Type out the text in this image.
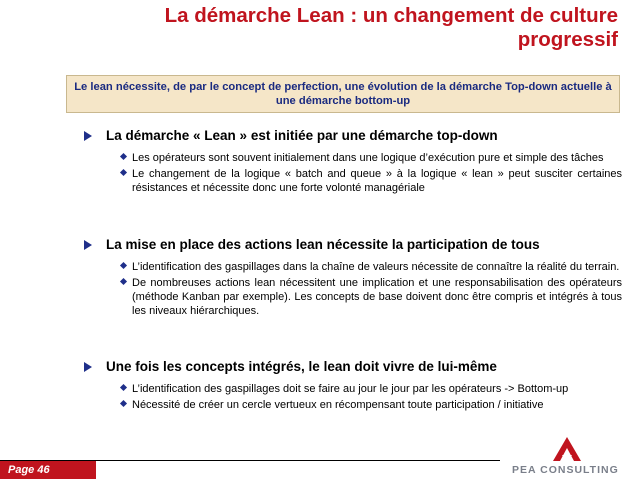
La démarche Lean : un changement de culture progressif
Le lean nécessite, de par le concept de perfection, une évolution de la démarche Top-down actuelle à une démarche bottom-up
La démarche « Lean » est initiée par une démarche top-down
Les opérateurs sont souvent initialement dans une logique d’exécution pure et simple des tâches
Le changement de la logique « batch and queue » à la logique « lean » peut susciter certaines résistances et nécessite donc une forte volonté managériale
La mise en place des actions lean nécessite la participation de tous
L’identification des gaspillages dans la chaîne de valeurs nécessite de connaître la réalité du terrain.
De nombreuses actions lean nécessitent une implication et une responsabilisation des opérateurs (méthode Kanban par exemple). Les concepts de base doivent donc être compris et intégrés à tous les niveaux hiérarchiques.
Une fois les concepts intégrés, le lean doit vivre de lui-même
L’identification des gaspillages doit se faire au jour le jour par les opérateurs -> Bottom-up
Nécessité de créer un cercle vertueux en récompensant toute participation / initiative
Page 46	PEA CONSULTING
